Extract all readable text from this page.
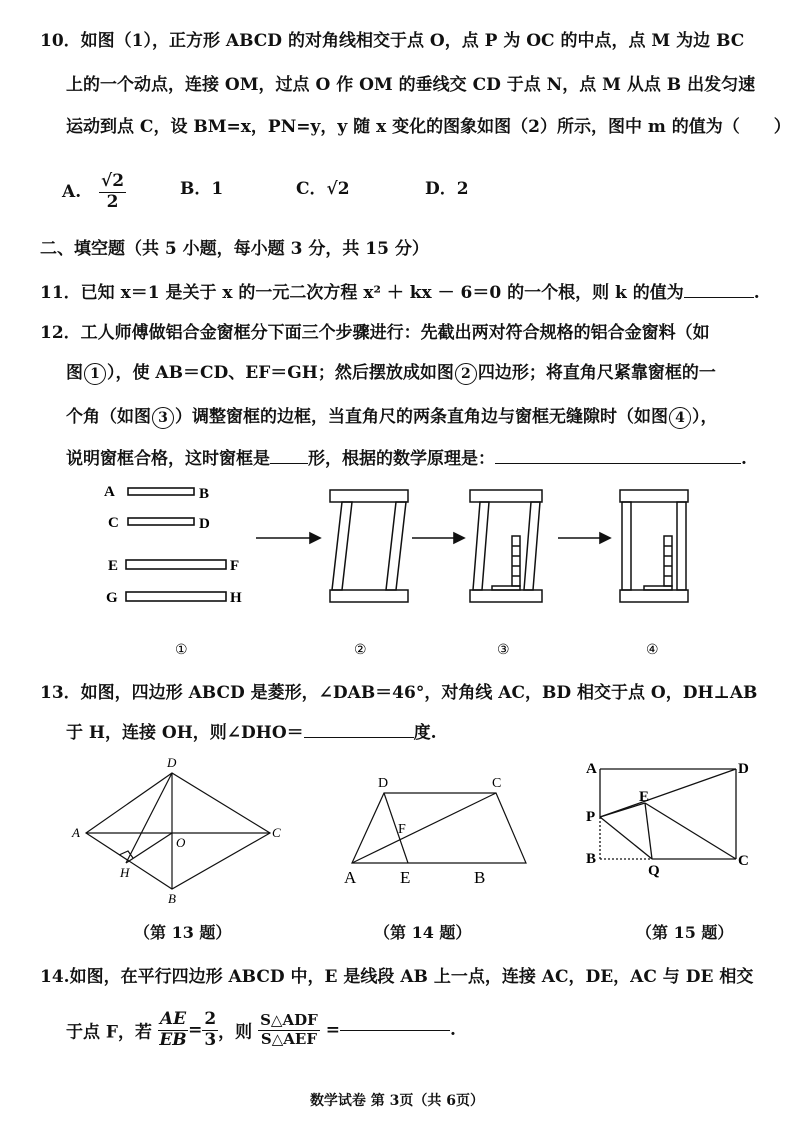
10．如图（1），正方形 ABCD 的对角线相交于点 O，点 P 为 OC 的中点，点 M 为边 BC
上的一个动点，连接 OM，过点 O 作 OM 的垂线交 CD 于点 N，点 M 从点 B 出发匀速
运动到点 C，设 BM=x，PN=y，y 随 x 变化的图象如图（2）所示，图中 m 的值为（　　）
A. $\frac{√2}{2}$	B．1	C．√2	D．2
二、填空题（共 5 小题，每小题 3 分，共 15 分）
11．已知 x＝1 是关于 x 的一元二次方程 x² ＋ kx － 6＝0 的一个根，则 k 的值为	.
12．工人师傅做铝合金窗框分下面三个步骤进行：先截出两对符合规格的铝合金窗料（如
图 1 ），使 AB＝CD、EF＝GH；然后摆放成如图 2 四边形；将直角尺紧靠窗框的一
个角（如图 3 ）调整窗框的边框，当直角尺的两条直角边与窗框无缝隙时（如图 4 ），
说明窗框合格，这时窗框是 形，根据的数学原理是：	.
A	B
C	D
E	F
G	H
①	②	③	④
13．如图，四边形 ABCD 是菱形，∠DAB＝46°，对角线 AC，BD 相交于点 O，DH⊥AB
于 H，连接 OH，则∠DHO＝	度.
D
A
O
C
H
B
D	C
F
A	E	B
A	D
E
P
B
Q
C
（第 13 题）	（第 14 题）	（第 15 题）
14.如图，在平行四边形 ABCD 中，E 是线段 AB 上一点，连接 AC，DE，AC 与 DE 相交
于点 F，若 $\frac{AE}{EB} = \frac{2}{3}$ ，则 $\frac{\text{S△ADF}}{\text{S△AEF}}$ =	.
数学试卷 第 3页（共 6页）
